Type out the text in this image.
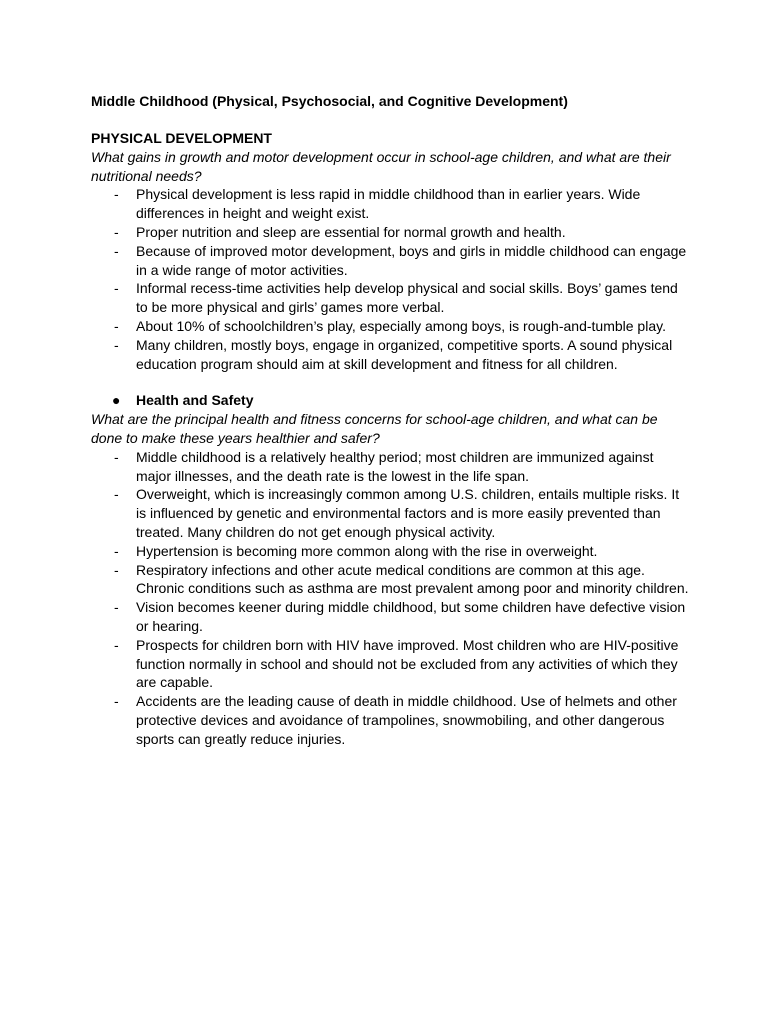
Middle Childhood (Physical, Psychosocial, and Cognitive Development)
PHYSICAL DEVELOPMENT
What gains in growth and motor development occur in school-age children, and what are their nutritional needs?
- Physical development is less rapid in middle childhood than in earlier years. Wide differences in height and weight exist.
- Proper nutrition and sleep are essential for normal growth and health.
- Because of improved motor development, boys and girls in middle childhood can engage in a wide range of motor activities.
- Informal recess-time activities help develop physical and social skills. Boys’ games tend to be more physical and girls’ games more verbal.
- About 10% of schoolchildren’s play, especially among boys, is rough-and-tumble play.
- Many children, mostly boys, engage in organized, competitive sports. A sound physical education program should aim at skill development and fitness for all children.
● Health and Safety
What are the principal health and fitness concerns for school-age children, and what can be done to make these years healthier and safer?
- Middle childhood is a relatively healthy period; most children are immunized against major illnesses, and the death rate is the lowest in the life span.
- Overweight, which is increasingly common among U.S. children, entails multiple risks. It is influenced by genetic and environmental factors and is more easily prevented than treated. Many children do not get enough physical activity.
- Hypertension is becoming more common along with the rise in overweight.
- Respiratory infections and other acute medical conditions are common at this age. Chronic conditions such as asthma are most prevalent among poor and minority children.
- Vision becomes keener during middle childhood, but some children have defective vision or hearing.
- Prospects for children born with HIV have improved. Most children who are HIV-positive function normally in school and should not be excluded from any activities of which they are capable.
- Accidents are the leading cause of death in middle childhood. Use of helmets and other protective devices and avoidance of trampolines, snowmobiling, and other dangerous sports can greatly reduce injuries.
